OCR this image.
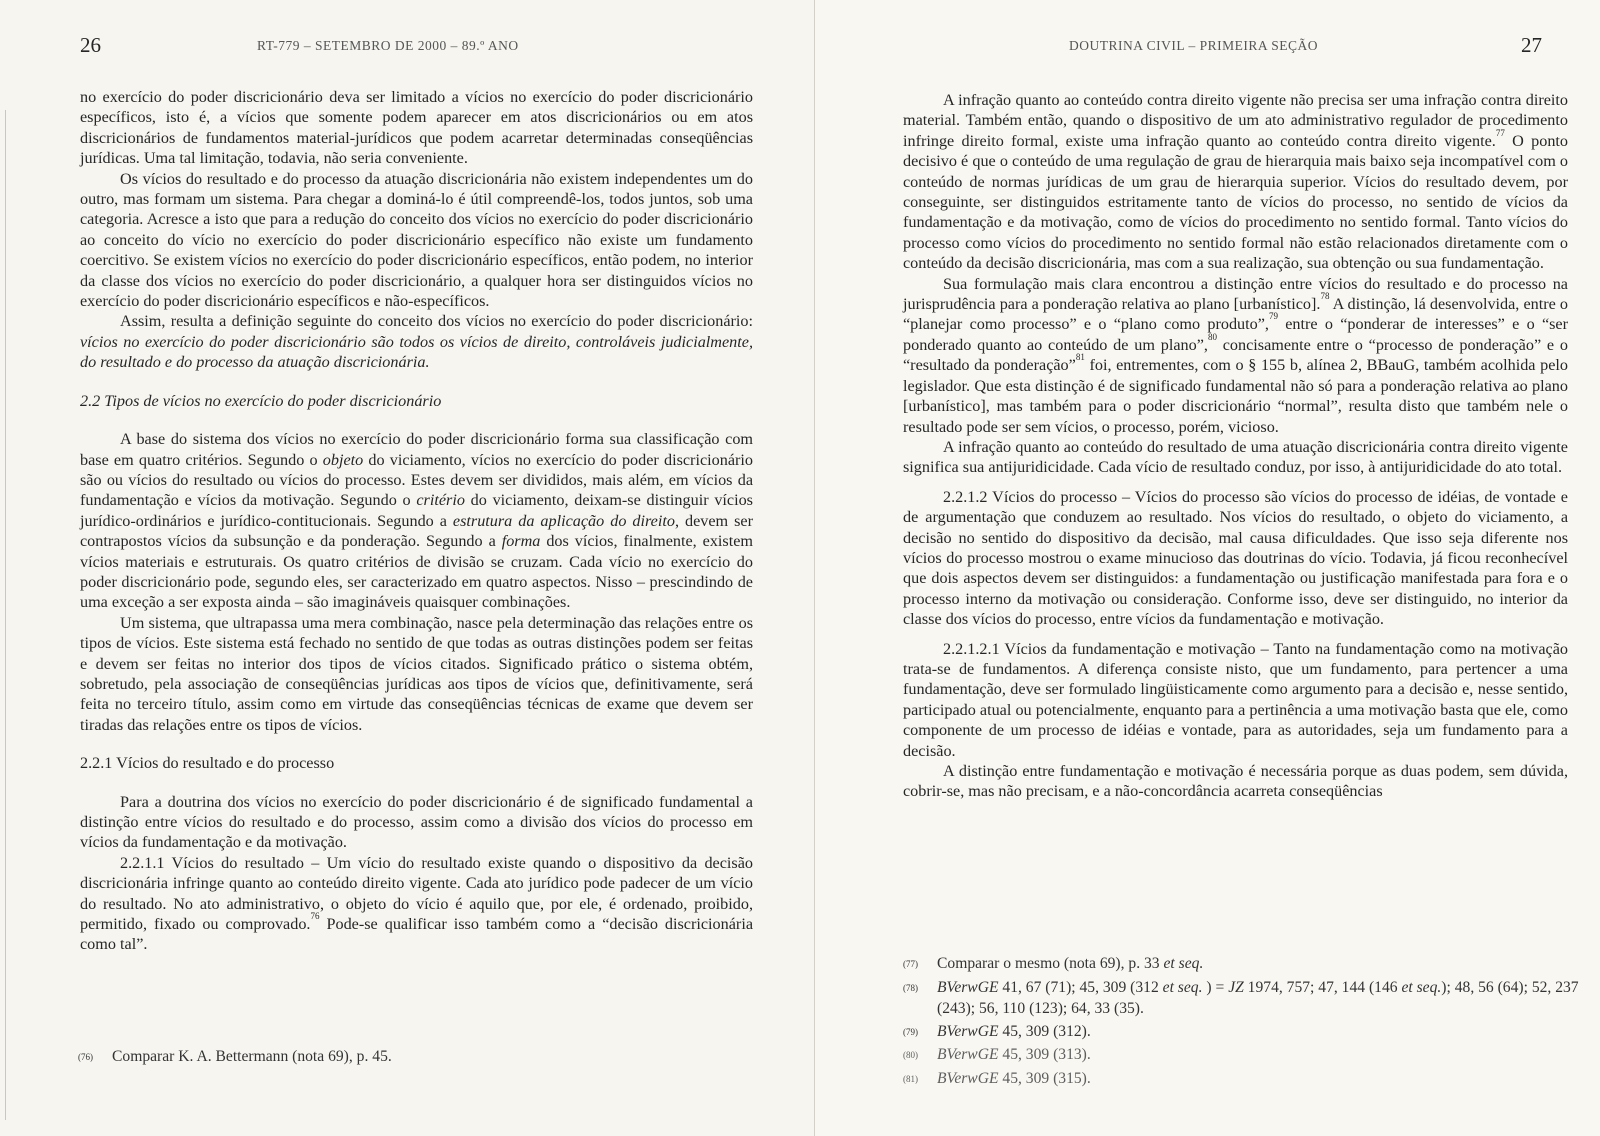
26	RT-779 – SETEMBRO DE 2000 – 89.º ANO

no exercício do poder discricionário deva ser limitado a vícios no exercício do poder discricionário específicos, isto é, a vícios que somente podem aparecer em atos discricionários ou em atos discricionários de fundamentos material-jurídicos que podem acarretar determinadas conseqüências jurídicas. Uma tal limitação, todavia, não seria conveniente.

Os vícios do resultado e do processo da atuação discricionária não existem independentes um do outro, mas formam um sistema. Para chegar a dominá-lo é útil compreendê-los, todos juntos, sob uma categoria. Acresce a isto que para a redução do conceito dos vícios no exercício do poder discricionário ao conceito do vício no exercício do poder discricionário específico não existe um fundamento coercitivo. Se existem vícios no exercício do poder discricionário específicos, então podem, no interior da classe dos vícios no exercício do poder discricionário, a qualquer hora ser distinguidos vícios no exercício do poder discricionário específicos e não-específicos.

Assim, resulta a definição seguinte do conceito dos vícios no exercício do poder discricionário: vícios no exercício do poder discricionário são todos os vícios de direito, controláveis judicialmente, do resultado e do processo da atuação discricionária.

2.2 Tipos de vícios no exercício do poder discricionário

A base do sistema dos vícios no exercício do poder discricionário forma sua classificação com base em quatro critérios. Segundo o objeto do viciamento, vícios no exercício do poder discricionário são ou vícios do resultado ou vícios do processo. Estes devem ser divididos, mais além, em vícios da fundamentação e vícios da motivação. Segundo o critério do viciamento, deixam-se distinguir vícios jurídico-ordinários e jurídico-contitucionais. Segundo a estrutura da aplicação do direito, devem ser contrapostos vícios da subsunção e da ponderação. Segundo a forma dos vícios, finalmente, existem vícios materiais e estruturais. Os quatro critérios de divisão se cruzam. Cada vício no exercício do poder discricionário pode, segundo eles, ser caracterizado em quatro aspectos. Nisso – prescindindo de uma exceção a ser exposta ainda – são imagináveis quaisquer combinações.

Um sistema, que ultrapassa uma mera combinação, nasce pela determinação das relações entre os tipos de vícios. Este sistema está fechado no sentido de que todas as outras distinções podem ser feitas e devem ser feitas no interior dos tipos de vícios citados. Significado prático o sistema obtém, sobretudo, pela associação de conseqüências jurídicas aos tipos de vícios que, definitivamente, será feita no terceiro título, assim como em virtude das conseqüências técnicas de exame que devem ser tiradas das relações entre os tipos de vícios.

2.2.1 Vícios do resultado e do processo

Para a doutrina dos vícios no exercício do poder discricionário é de significado fundamental a distinção entre vícios do resultado e do processo, assim como a divisão dos vícios do processo em vícios da fundamentação e da motivação.

2.2.1.1 Vícios do resultado – Um vício do resultado existe quando o dispositivo da decisão discricionária infringe quanto ao conteúdo direito vigente. Cada ato jurídico pode padecer de um vício do resultado. No ato administrativo, o objeto do vício é aquilo que, por ele, é ordenado, proibido, permitido, fixado ou comprovado.$^{76}$ Pode-se qualificar isso também como a “decisão discricionária como tal”.

(76)	Comparar K. A. Bettermann (nota 69), p. 45.
DOUTRINA CIVIL – PRIMEIRA SEÇÃO	27

A infração quanto ao conteúdo contra direito vigente não precisa ser uma infração contra direito material. Também então, quando o dispositivo de um ato administrativo regulador de procedimento infringe direito formal, existe uma infração quanto ao conteúdo contra direito vigente.$^{77}$ O ponto decisivo é que o conteúdo de uma regulação de grau de hierarquia mais baixo seja incompatível com o conteúdo de normas jurídicas de um grau de hierarquia superior. Vícios do resultado devem, por conseguinte, ser distinguidos estritamente tanto de vícios do processo, no sentido de vícios da fundamentação e da motivação, como de vícios do procedimento no sentido formal. Tanto vícios do processo como vícios do procedimento no sentido formal não estão relacionados diretamente com o conteúdo da decisão discricionária, mas com a sua realização, sua obtenção ou sua fundamentação.

Sua formulação mais clara encontrou a distinção entre vícios do resultado e do processo na jurisprudência para a ponderação relativa ao plano [urbanístico].$^{78}$ A distinção, lá desenvolvida, entre o “planejar como processo” e o “plano como produto”,$^{79}$ entre o “ponderar de interesses” e o “ser ponderado quanto ao conteúdo de um plano”,$^{80}$ concisamente entre o “processo de ponderação” e o “resultado da ponderação”$^{81}$ foi, entrementes, com o § 155 b, alínea 2, BBauG, também acolhida pelo legislador. Que esta distinção é de significado fundamental não só para a ponderação relativa ao plano [urbanístico], mas também para o poder discricionário “normal”, resulta disto que também nele o resultado pode ser sem vícios, o processo, porém, vicioso.

A infração quanto ao conteúdo do resultado de uma atuação discricionária contra direito vigente significa sua antijuridicidade. Cada vício de resultado conduz, por isso, à antijuridicidade do ato total.

2.2.1.2 Vícios do processo – Vícios do processo são vícios do processo de idéias, de vontade e de argumentação que conduzem ao resultado. Nos vícios do resultado, o objeto do viciamento, a decisão no sentido do dispositivo da decisão, mal causa dificuldades. Que isso seja diferente nos vícios do processo mostrou o exame minucioso das doutrinas do vício. Todavia, já ficou reconhecível que dois aspectos devem ser distinguidos: a fundamentação ou justificação manifestada para fora e o processo interno da motivação ou consideração. Conforme isso, deve ser distinguido, no interior da classe dos vícios do processo, entre vícios da fundamentação e motivação.

2.2.1.2.1 Vícios da fundamentação e motivação – Tanto na fundamentação como na motivação trata-se de fundamentos. A diferença consiste nisto, que um fundamento, para pertencer a uma fundamentação, deve ser formulado lingüisticamente como argumento para a decisão e, nesse sentido, participado atual ou potencialmente, enquanto para a pertinência a uma motivação basta que ele, como componente de um processo de idéias e vontade, para as autoridades, seja um fundamento para a decisão.

A distinção entre fundamentação e motivação é necessária porque as duas podem, sem dúvida, cobrir-se, mas não precisam, e a não-concordância acarreta conseqüências

(77)	Comparar o mesmo (nota 69), p. 33 et seq.
(78)	BVerwGE 41, 67 (71); 45, 309 (312 et seq. ) = JZ 1974, 757; 47, 144 (146 et seq.); 48, 56 (64); 52, 237 (243); 56, 110 (123); 64, 33 (35).
(79)	BVerwGE 45, 309 (312).
(80)	BVerwGE 45, 309 (313).
(81)	BVerwGE 45, 309 (315).
